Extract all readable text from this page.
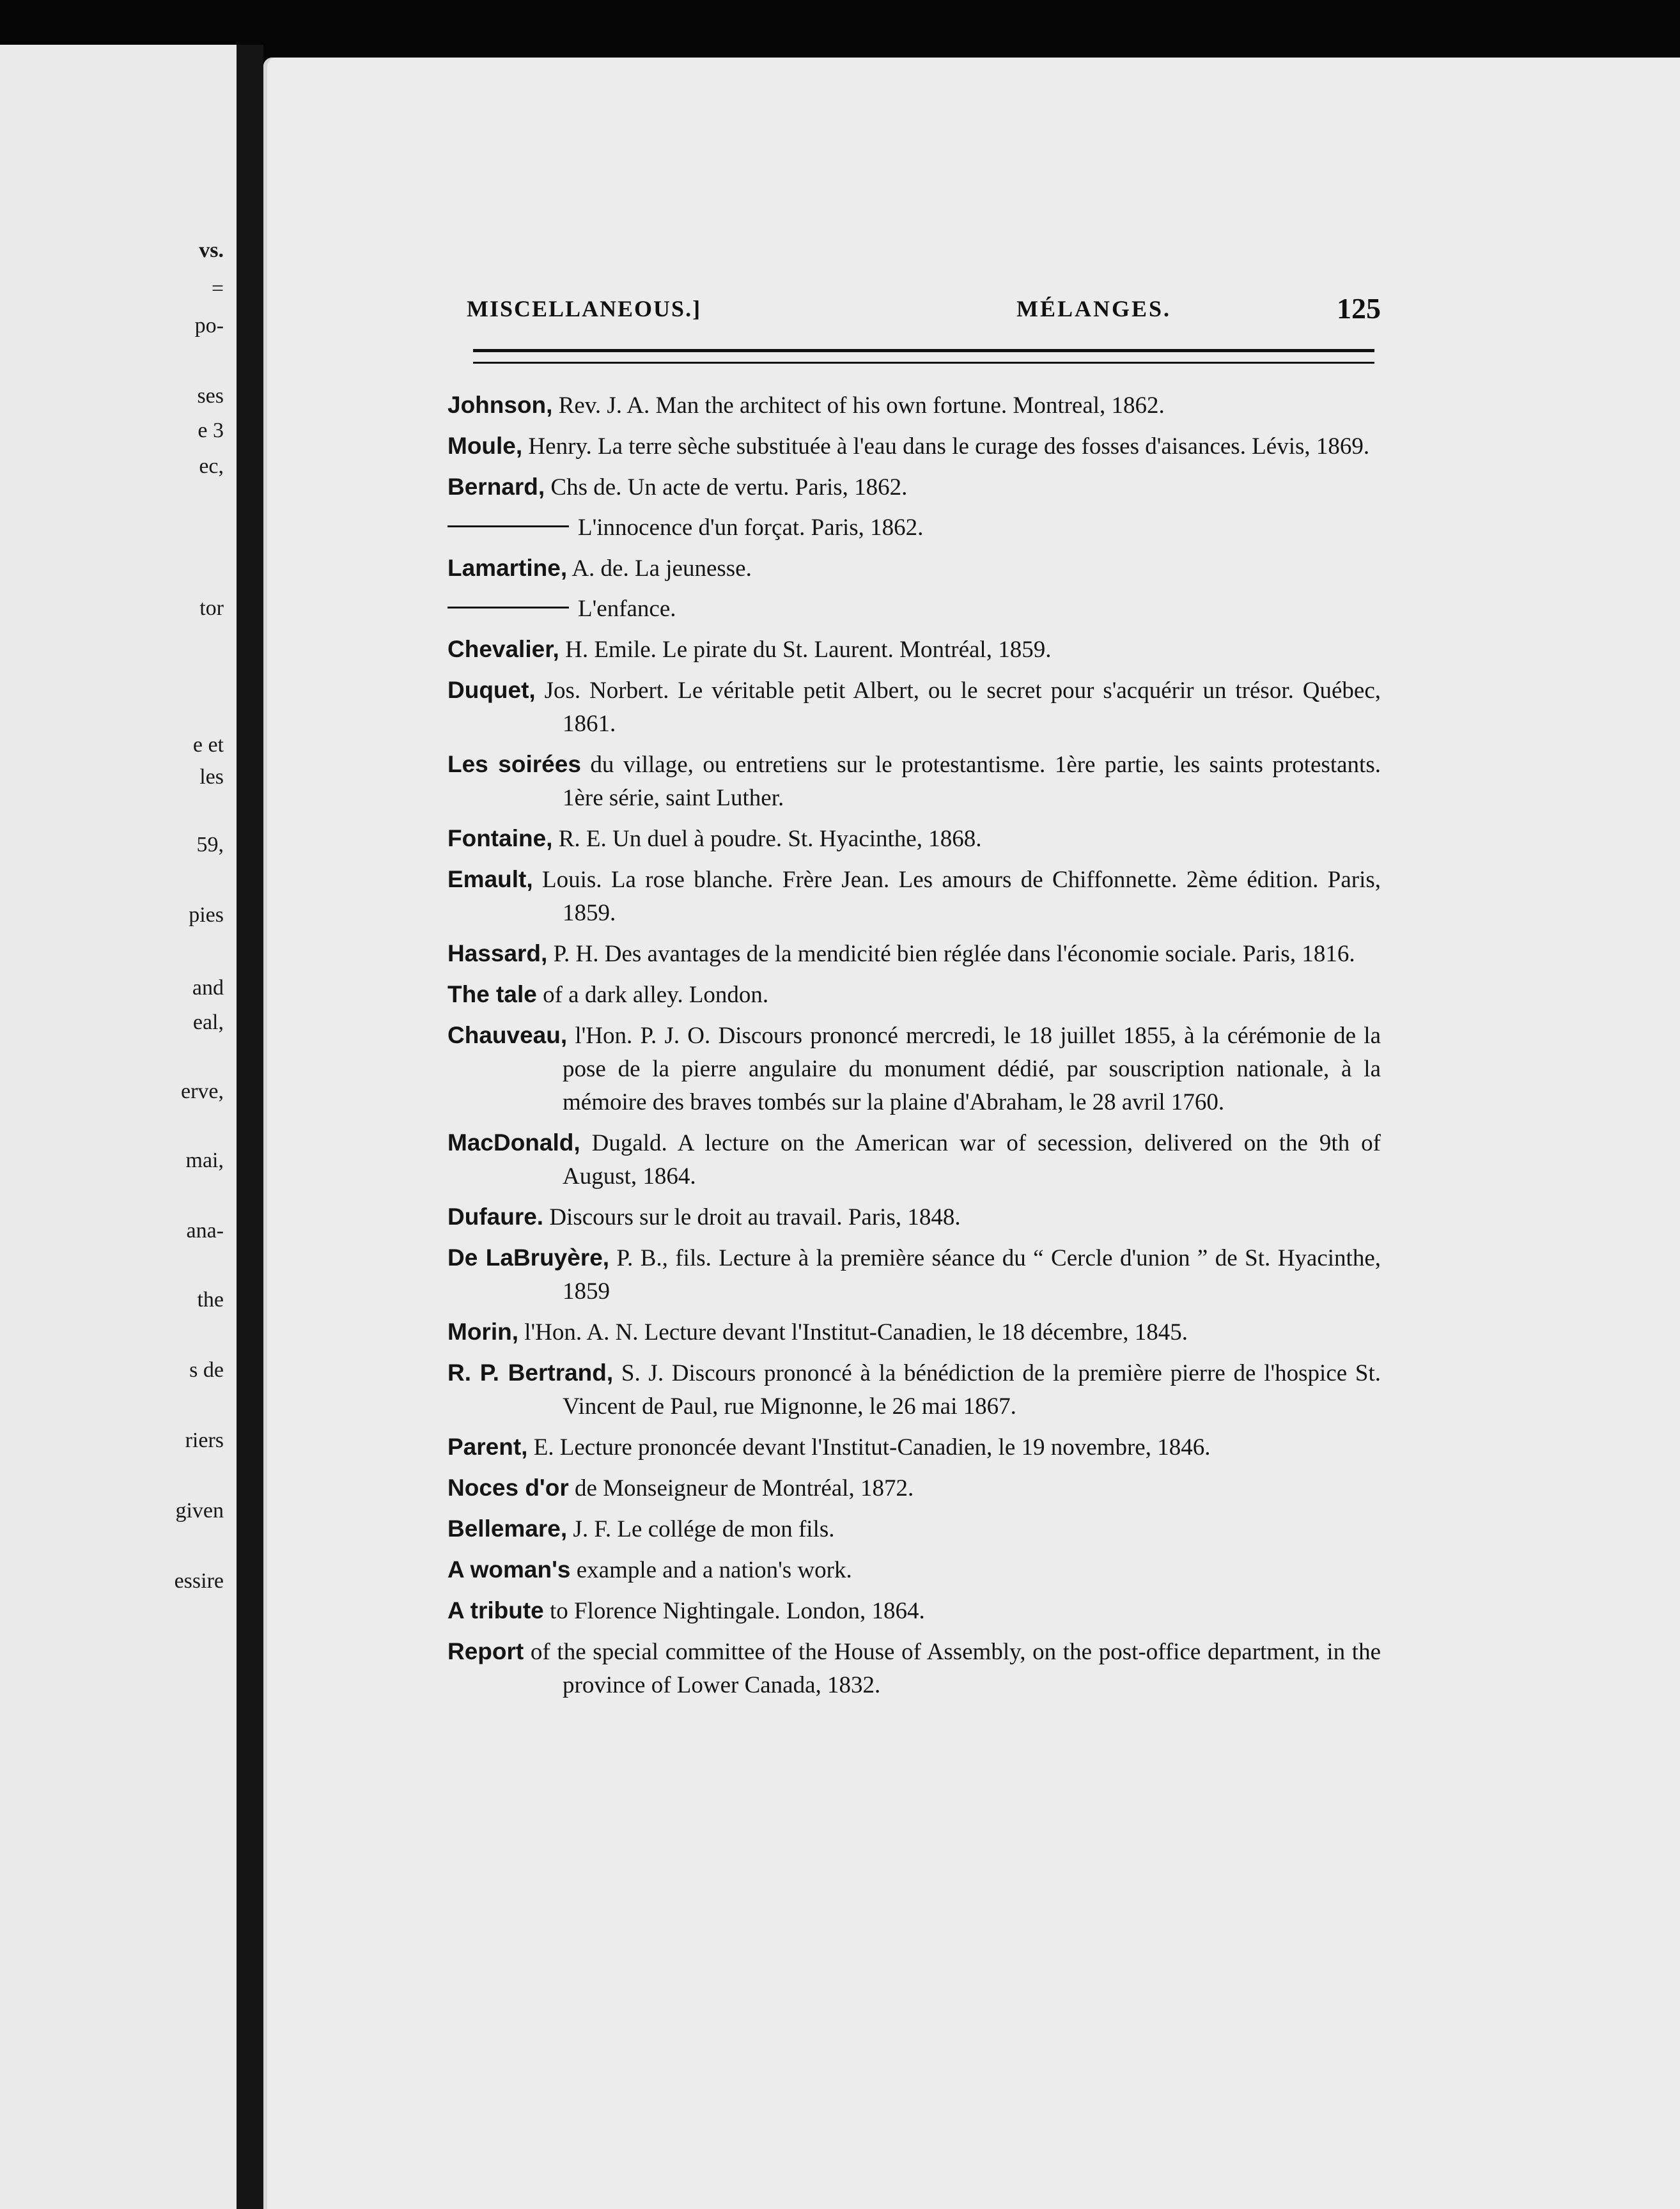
vs.
=
po-
ses
e 3
ec,
tor
e et
les
59,
pies
and
eal,
erve,
mai,
ana-
the
s de
riers
given
essire
MISCELLANEOUS.]	MÉLANGES.	125
Johnson, Rev. J. A. Man the architect of his own fortune. Montreal, 1862.
Moule, Henry. La terre sèche substituée à l'eau dans le curage des fosses d'aisances. Lévis, 1869.
Bernard, Chs de. Un acte de vertu. Paris, 1862.
L'innocence d'un forçat. Paris, 1862.
Lamartine, A. de. La jeunesse.
L'enfance.
Chevalier, H. Emile. Le pirate du St. Laurent. Montréal, 1859.
Duquet, Jos. Norbert. Le véritable petit Albert, ou le secret pour s'acquérir un trésor. Québec, 1861.
Les soirées du village, ou entretiens sur le protestantisme. 1ère partie, les saints protestants. 1ère série, saint Luther.
Fontaine, R. E. Un duel à poudre. St. Hyacinthe, 1868.
Emault, Louis. La rose blanche. Frère Jean. Les amours de Chiffonnette. 2ème édition. Paris, 1859.
Hassard, P. H. Des avantages de la mendicité bien réglée dans l'économie sociale. Paris, 1816.
The tale of a dark alley. London.
Chauveau, l'Hon. P. J. O. Discours prononcé mercredi, le 18 juillet 1855, à la cérémonie de la pose de la pierre angulaire du monument dédié, par souscription nationale, à la mémoire des braves tombés sur la plaine d'Abraham, le 28 avril 1760.
MacDonald, Dugald. A lecture on the American war of secession, delivered on the 9th of August, 1864.
Dufaure. Discours sur le droit au travail. Paris, 1848.
De LaBruyère, P. B., fils. Lecture à la première séance du “ Cercle d'union ” de St. Hyacinthe, 1859
Morin, l'Hon. A. N. Lecture devant l'Institut-Canadien, le 18 décembre, 1845.
R. P. Bertrand, S. J. Discours prononcé à la bénédiction de la première pierre de l'hospice St. Vincent de Paul, rue Mignonne, le 26 mai 1867.
Parent, E. Lecture prononcée devant l'Institut-Canadien, le 19 novembre, 1846.
Noces d'or de Monseigneur de Montréal, 1872.
Bellemare, J. F. Le collége de mon fils.
A woman's example and a nation's work.
A tribute to Florence Nightingale. London, 1864.
Report of the special committee of the House of Assembly, on the post-office department, in the province of Lower Canada, 1832.
